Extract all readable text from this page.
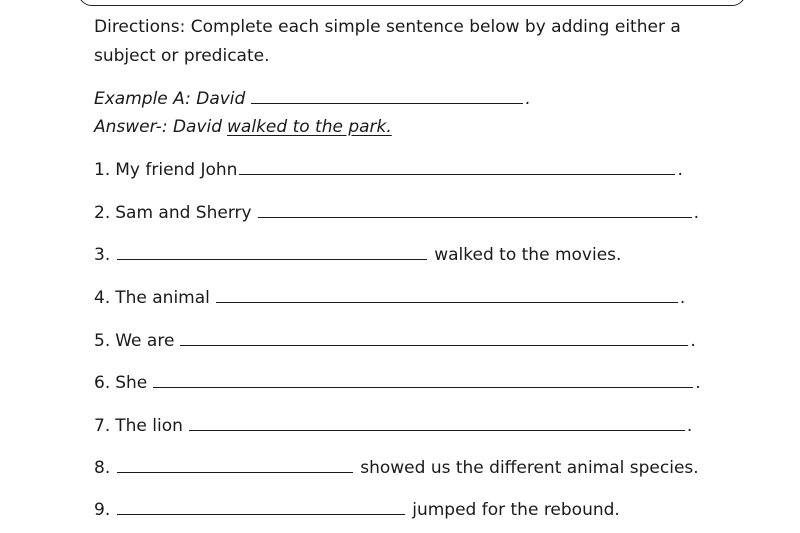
Directions: Complete each simple sentence below by adding either a subject or predicate.

Example A: David	.
Answer-: David walked to the park.
1. My friend John	.
2. Sam and Sherry	.
3.	walked to the movies.
4. The animal	.
5. We are	.
6. She	.
7. The lion	.
8.	showed us the different animal species.
9.	jumped for the rebound.
